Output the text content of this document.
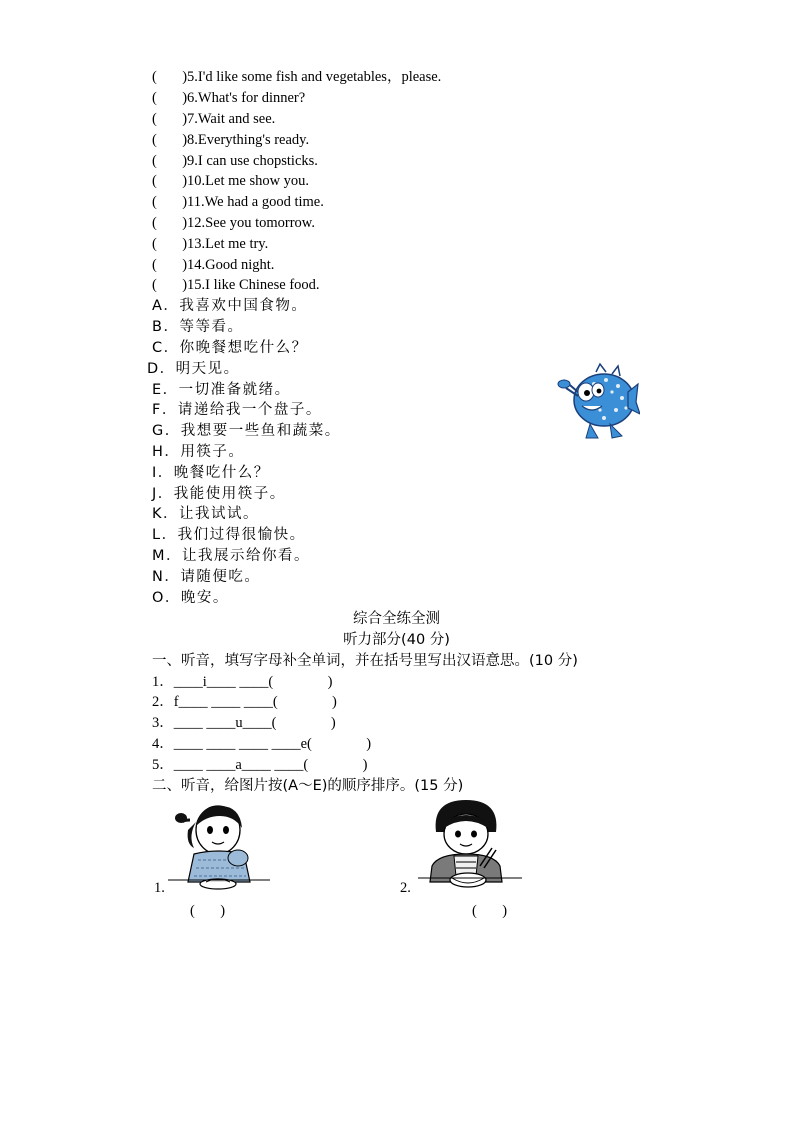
(       )5.I'd like some fish and vegetables，please.
(       )6.What's for dinner?
(       )7.Wait and see.
(       )8.Everything's ready.
(       )9.I can use chopsticks.
(       )10.Let me show you.
(       )11.We had a good time.
(       )12.See you tomorrow.
(       )13.Let me try.
(       )14.Good night.
(       )15.I like Chinese food.
A．我喜欢中国食物。
B．等等看。
C．你晚餐想吃什么？
D．明天见。
E．一切准备就绪。
F．请递给我一个盘子。
G．我想要一些鱼和蔬菜。
H．用筷子。
I．晚餐吃什么？
J．我能使用筷子。
K．让我试试。
L．我们过得很愉快。
M．让我展示给你看。
N．请随便吃。
O．晚安。
综合全练全测
听力部分(40 分)
一、听音，填写字母补全单词，并在括号里写出汉语意思。(10 分)
1．____i____ ____(               )
2．f____ ____ ____(               )
3．____ ____u____(               )
4．____ ____ ____ ____e(               )
5．____ ____a____ ____(               )
二、听音，给图片按(A～E)的顺序排序。(15 分)
1.
(       )
2.
(       )
